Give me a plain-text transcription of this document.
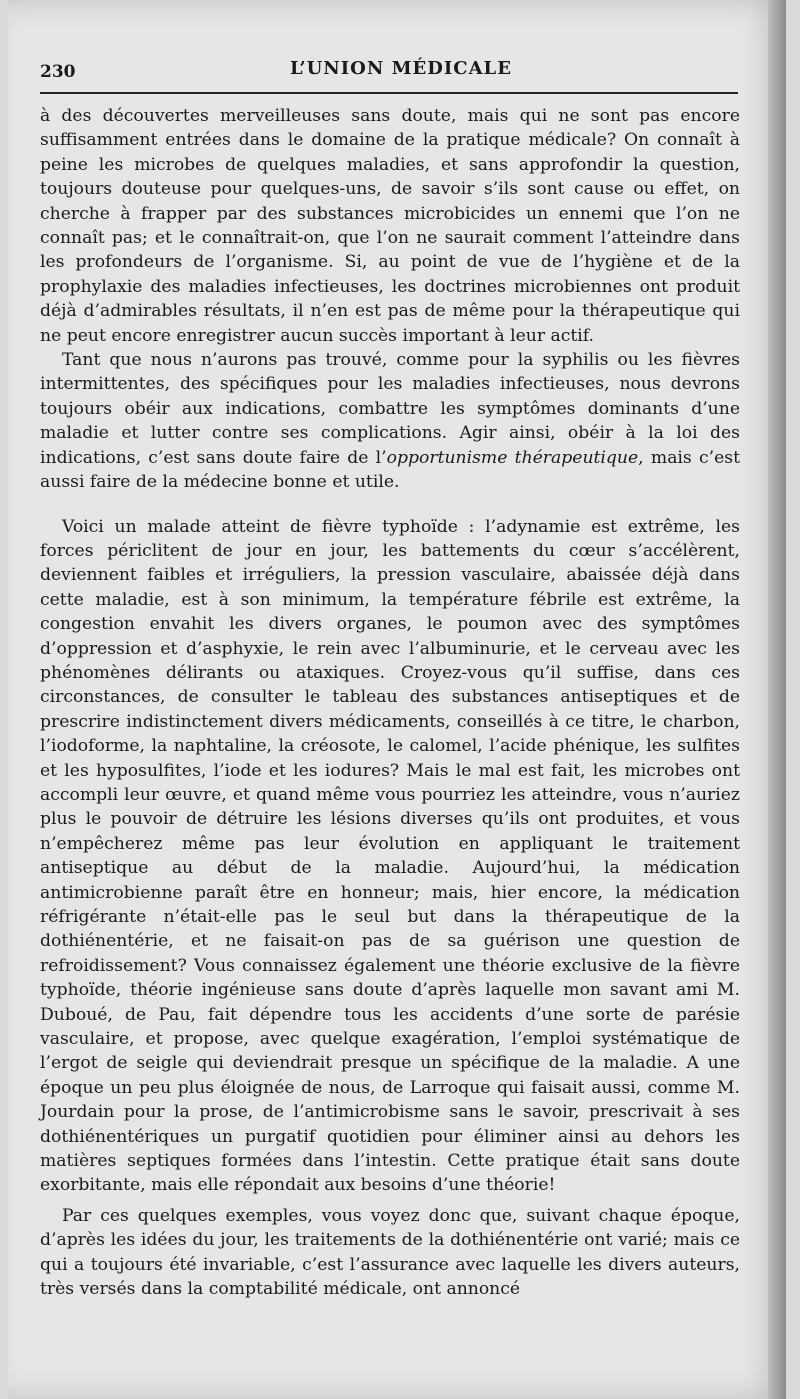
230	L’UNION MÉDICALE

à des découvertes merveilleuses sans doute, mais qui ne sont pas encore suffisamment entrées dans le domaine de la pratique médicale? On connaît à peine les microbes de quelques maladies, et sans approfondir la question, toujours douteuse pour quelques-uns, de savoir s’ils sont cause ou effet, on cherche à frapper par des substances microbicides un ennemi que l’on ne connaît pas; et le connaîtrait-on, que l’on ne saurait comment l’atteindre dans les profondeurs de l’organisme. Si, au point de vue de l’hygiène et de la prophylaxie des maladies infectieuses, les doctrines microbiennes ont produit déjà d’admirables résultats, il n’en est pas de même pour la thérapeutique qui ne peut encore enregistrer aucun succès important à leur actif.

Tant que nous n’aurons pas trouvé, comme pour la syphilis ou les fièvres intermittentes, des spécifiques pour les maladies infectieuses, nous devrons toujours obéir aux indications, combattre les symptômes dominants d’une maladie et lutter contre ses complications. Agir ainsi, obéir à la loi des indications, c’est sans doute faire de l’opportunisme thérapeutique, mais c’est aussi faire de la médecine bonne et utile.

Voici un malade atteint de fièvre typhoïde : l’adynamie est extrême, les forces périclitent de jour en jour, les battements du cœur s’accélèrent, deviennent faibles et irréguliers, la pression vasculaire, abaissée déjà dans cette maladie, est à son minimum, la température fébrile est extrême, la congestion envahit les divers organes, le poumon avec des symptômes d’oppression et d’asphyxie, le rein avec l’albuminurie, et le cerveau avec les phénomènes délirants ou ataxiques. Croyez-vous qu’il suffise, dans ces circonstances, de consulter le tableau des substances antiseptiques et de prescrire indistinctement divers médicaments, conseillés à ce titre, le charbon, l’iodoforme, la naphtaline, la créosote, le calomel, l’acide phénique, les sulfites et les hyposulfites, l’iode et les iodures? Mais le mal est fait, les microbes ont accompli leur œuvre, et quand même vous pourriez les atteindre, vous n’auriez plus le pouvoir de détruire les lésions diverses qu’ils ont produites, et vous n’empêcherez même pas leur évolution en appliquant le traitement antiseptique au début de la maladie. Aujourd’hui, la médication antimicrobienne paraît être en honneur; mais, hier encore, la médication réfrigérante n’était-elle pas le seul but dans la thérapeutique de la dothiénentérie, et ne faisait-on pas de sa guérison une question de refroidissement? Vous connaissez également une théorie exclusive de la fièvre typhoïde, théorie ingénieuse sans doute d’après laquelle mon savant ami M. Duboué, de Pau, fait dépendre tous les accidents d’une sorte de parésie vasculaire, et propose, avec quelque exagération, l’emploi systématique de l’ergot de seigle qui deviendrait presque un spécifique de la maladie. A une époque un peu plus éloignée de nous, de Larroque qui faisait aussi, comme M. Jourdain pour la prose, de l’antimicrobisme sans le savoir, prescrivait à ses dothiénentériques un purgatif quotidien pour éliminer ainsi au dehors les matières septiques formées dans l’intestin. Cette pratique était sans doute exorbitante, mais elle répondait aux besoins d’une théorie!

Par ces quelques exemples, vous voyez donc que, suivant chaque époque, d’après les idées du jour, les traitements de la dothiénentérie ont varié; mais ce qui a toujours été invariable, c’est l’assurance avec laquelle les divers auteurs, très versés dans la comptabilité médicale, ont annoncé
